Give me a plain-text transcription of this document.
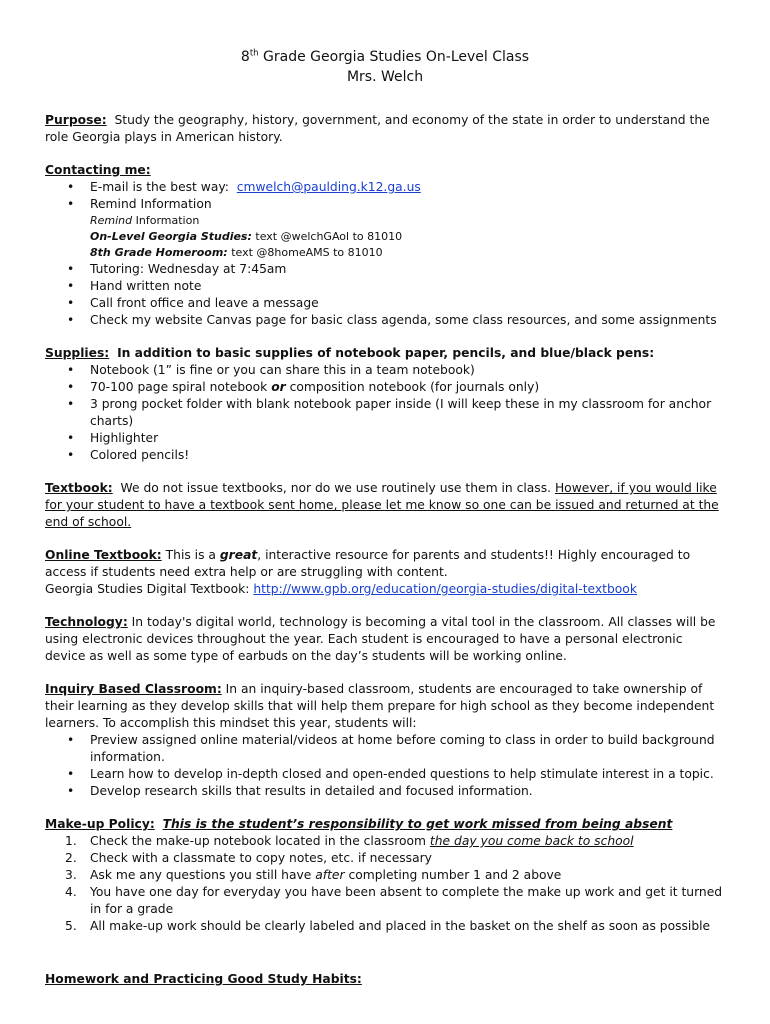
8th Grade Georgia Studies On-Level Class

Mrs. Welch

Purpose: Study the geography, history, government, and economy of the state in order to understand the role Georgia plays in American history.

Contacting me:

• E-mail is the best way: cmwelch@paulding.k12.ga.us
• Remind Information
Remind Information
On-Level Georgia Studies: text @welchGAol to 81010
8th Grade Homeroom: text @8homeAMS to 81010
• Tutoring: Wednesday at 7:45am
• Hand written note
• Call front office and leave a message
• Check my website Canvas page for basic class agenda, some class resources, and some assignments

Supplies: In addition to basic supplies of notebook paper, pencils, and blue/black pens:

• Notebook (1” is fine or you can share this in a team notebook)
• 70-100 page spiral notebook or composition notebook (for journals only)
• 3 prong pocket folder with blank notebook paper inside (I will keep these in my classroom for anchor charts)
• Highlighter
• Colored pencils!

Textbook: We do not issue textbooks, nor do we use routinely use them in class. However, if you would like for your student to have a textbook sent home, please let me know so one can be issued and returned at the end of school.

Online Textbook: This is a great, interactive resource for parents and students!! Highly encouraged to access if students need extra help or are struggling with content.

Georgia Studies Digital Textbook: http://www.gpb.org/education/georgia-studies/digital-textbook

Technology: In today's digital world, technology is becoming a vital tool in the classroom. All classes will be using electronic devices throughout the year. Each student is encouraged to have a personal electronic device as well as some type of earbuds on the day’s students will be working online.

Inquiry Based Classroom: In an inquiry-based classroom, students are encouraged to take ownership of their learning as they develop skills that will help them prepare for high school as they become independent learners. To accomplish this mindset this year, students will:

• Preview assigned online material/videos at home before coming to class in order to build background information.
• Learn how to develop in-depth closed and open-ended questions to help stimulate interest in a topic.
• Develop research skills that results in detailed and focused information.

Make-up Policy: This is the student’s responsibility to get work missed from being absent

1. Check the make-up notebook located in the classroom the day you come back to school
2. Check with a classmate to copy notes, etc. if necessary
3. Ask me any questions you still have after completing number 1 and 2 above
4. You have one day for everyday you have been absent to complete the make up work and get it turned in for a grade
5. All make-up work should be clearly labeled and placed in the basket on the shelf as soon as possible

Homework and Practicing Good Study Habits:
